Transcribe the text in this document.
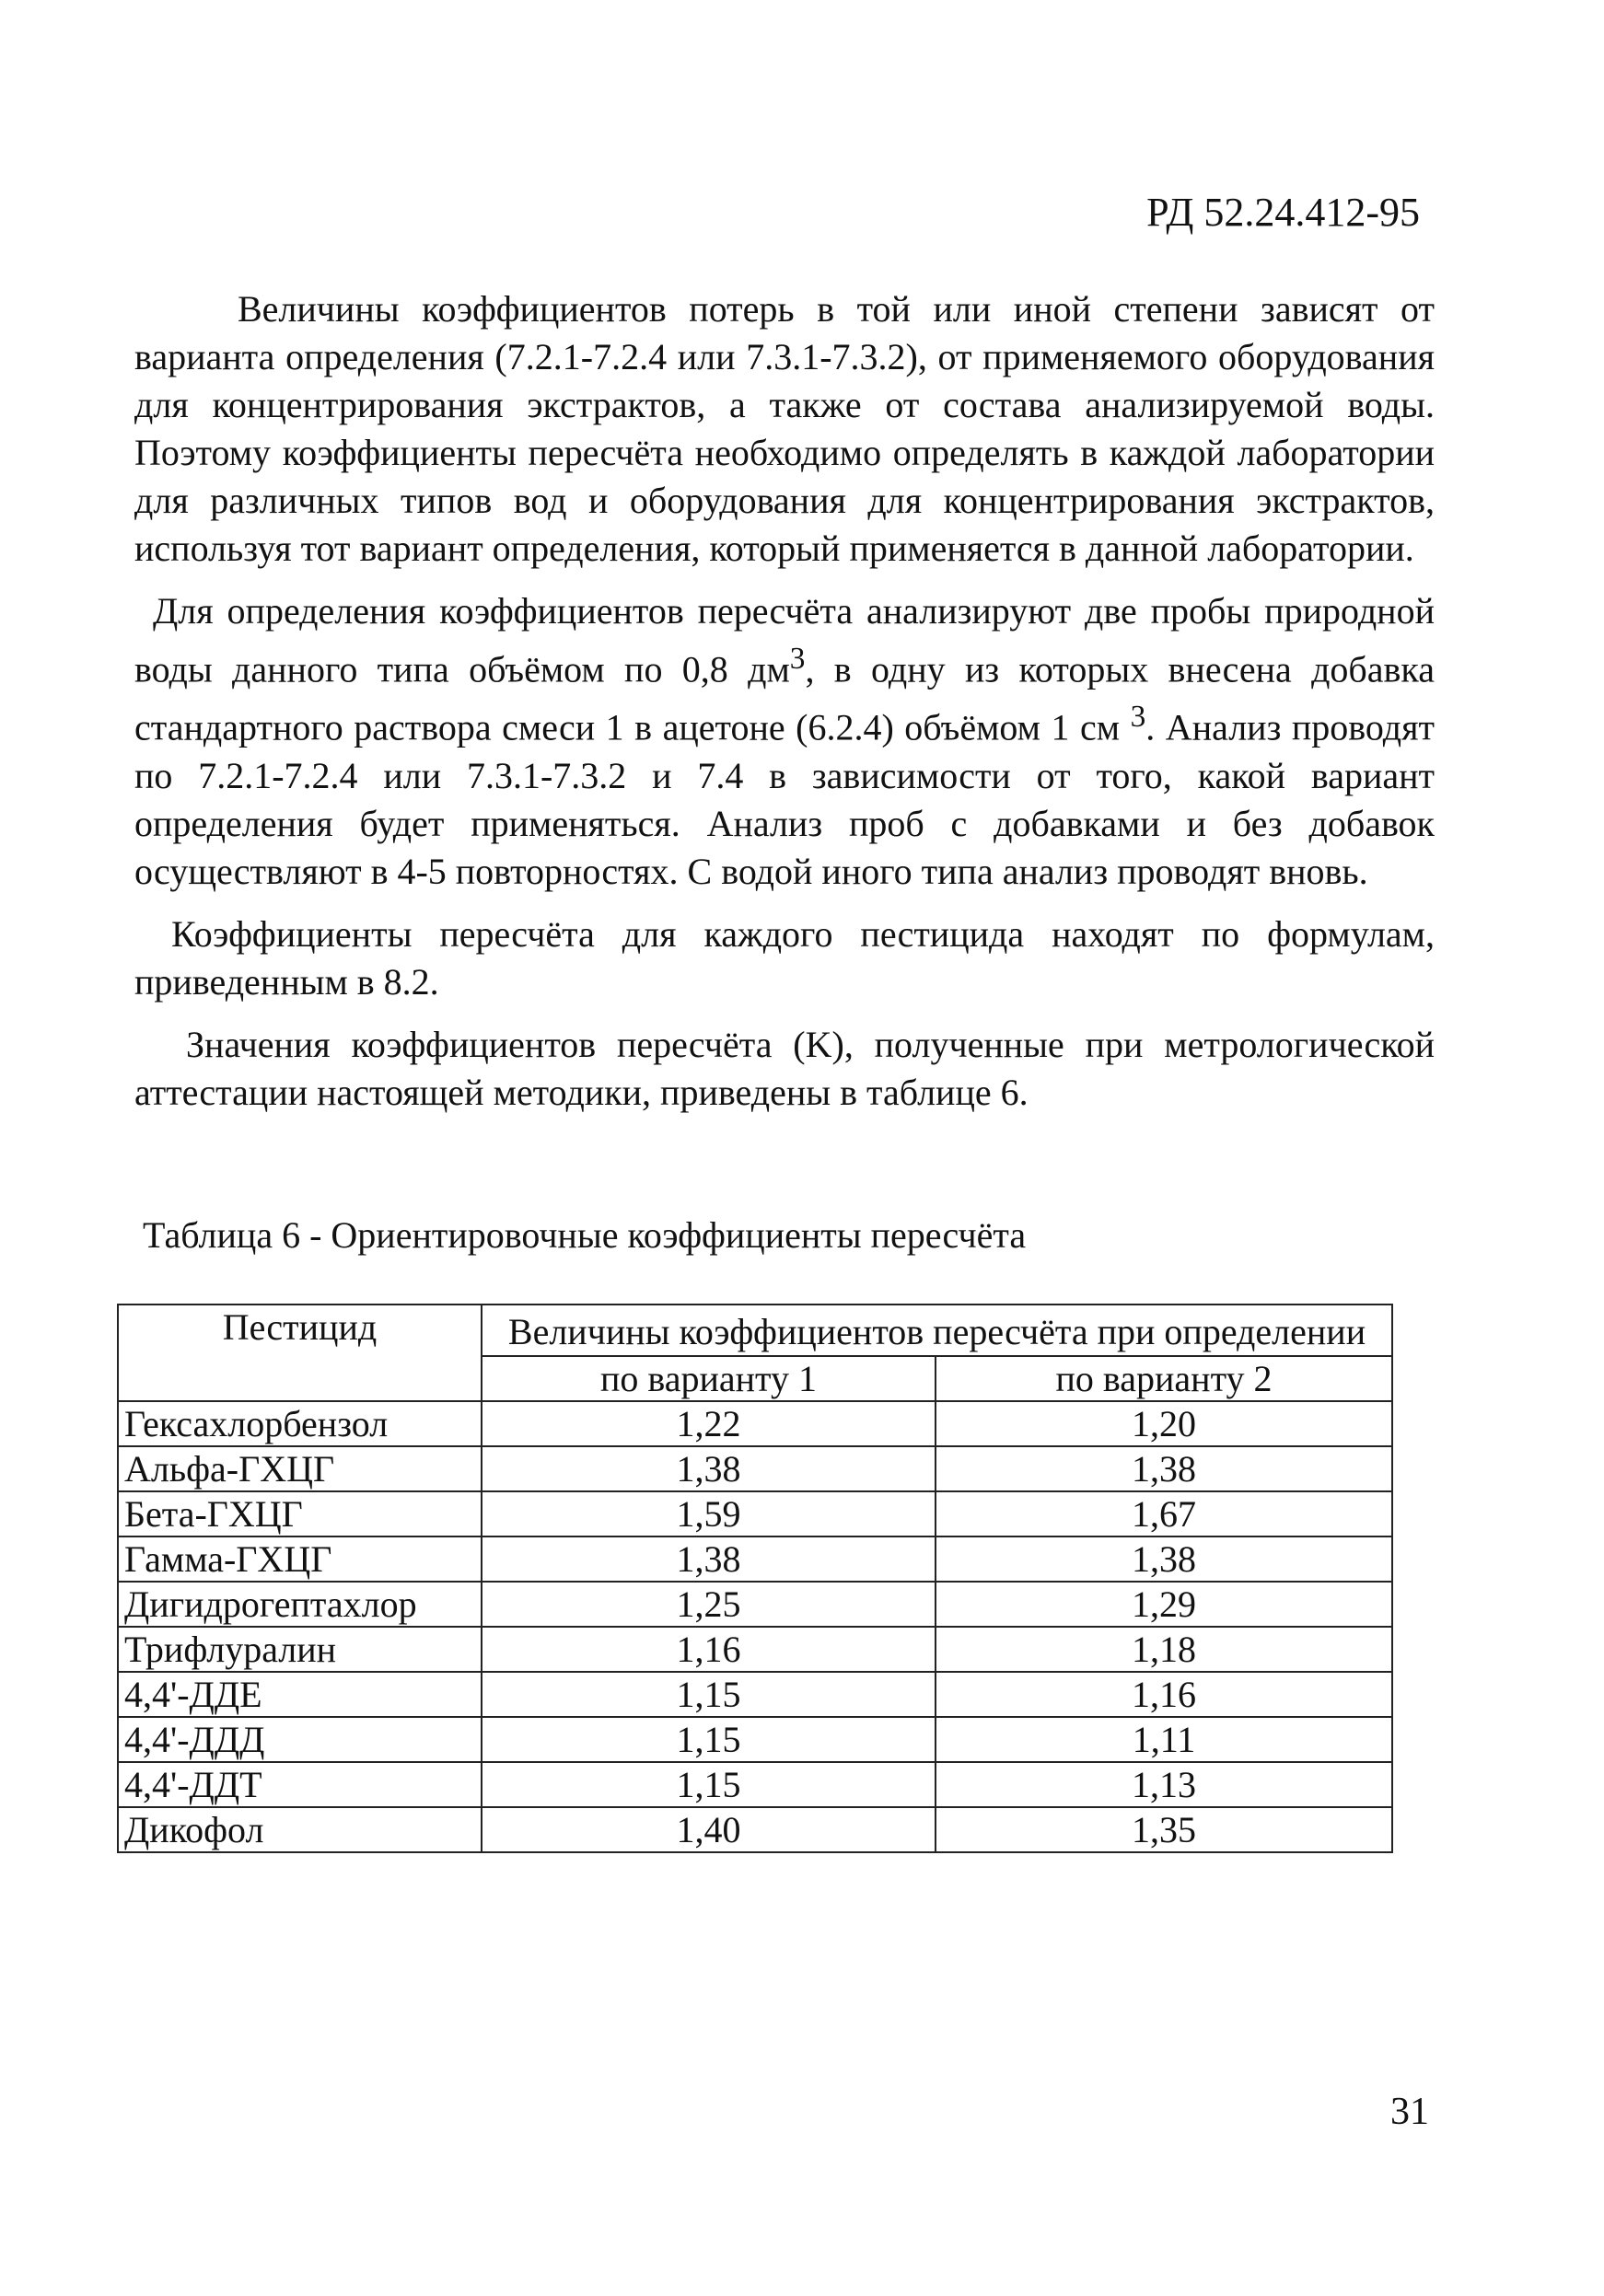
РД 52.24.412-95

Величины коэффициентов потерь в той или иной степени зависят от варианта определения (7.2.1-7.2.4 или 7.3.1-7.3.2), от применяемого оборудования для концентрирования экстрактов, а также от состава анализируемой воды. Поэтому коэффициенты пересчёта необходимо определять в каждой лаборатории для различных типов вод и оборудования для концентрирования экстрактов, используя тот вариант определения, который применяется в данной лаборатории.

Для определения коэффициентов пересчёта анализируют две пробы природной воды данного типа объёмом по 0,8 $дм^3$, в одну из которых внесена добавка стандартного раствора смеси 1 в ацетоне (6.2.4) объёмом 1 см $^3$. Анализ проводят по 7.2.1-7.2.4 или 7.3.1-7.3.2 и 7.4 в зависимости от того, какой вариант определения будет применяться. Анализ проб с добавками и без добавок осуществляют в 4-5 повторностях. С водой иного типа анализ проводят вновь.

Коэффициенты пересчёта для каждого пестицида находят по формулам, приведенным в 8.2.

Значения коэффициентов пересчёта (K), полученные при метрологической аттестации настоящей методики, приведены в таблице 6.

Таблица 6 - Ориентировочные коэффициенты пересчёта
Пестицид	Величины коэффициентов пересчёта при определении	
	по варианту 1	по варианту 2
Гексахлорбензол	1,22	1,20
Альфа-ГХЦГ	1,38	1,38
Бета-ГХЦГ	1,59	1,67
Гамма-ГХЦГ	1,38	1,38
Дигидрогептахлор	1,25	1,29
Трифлуралин	1,16	1,18
4,4'-ДДЕ	1,15	1,16
4,4'-ДДД	1,15	1,11
4,4'-ДДТ	1,15	1,13
Дикофол	1,40	1,35
31
